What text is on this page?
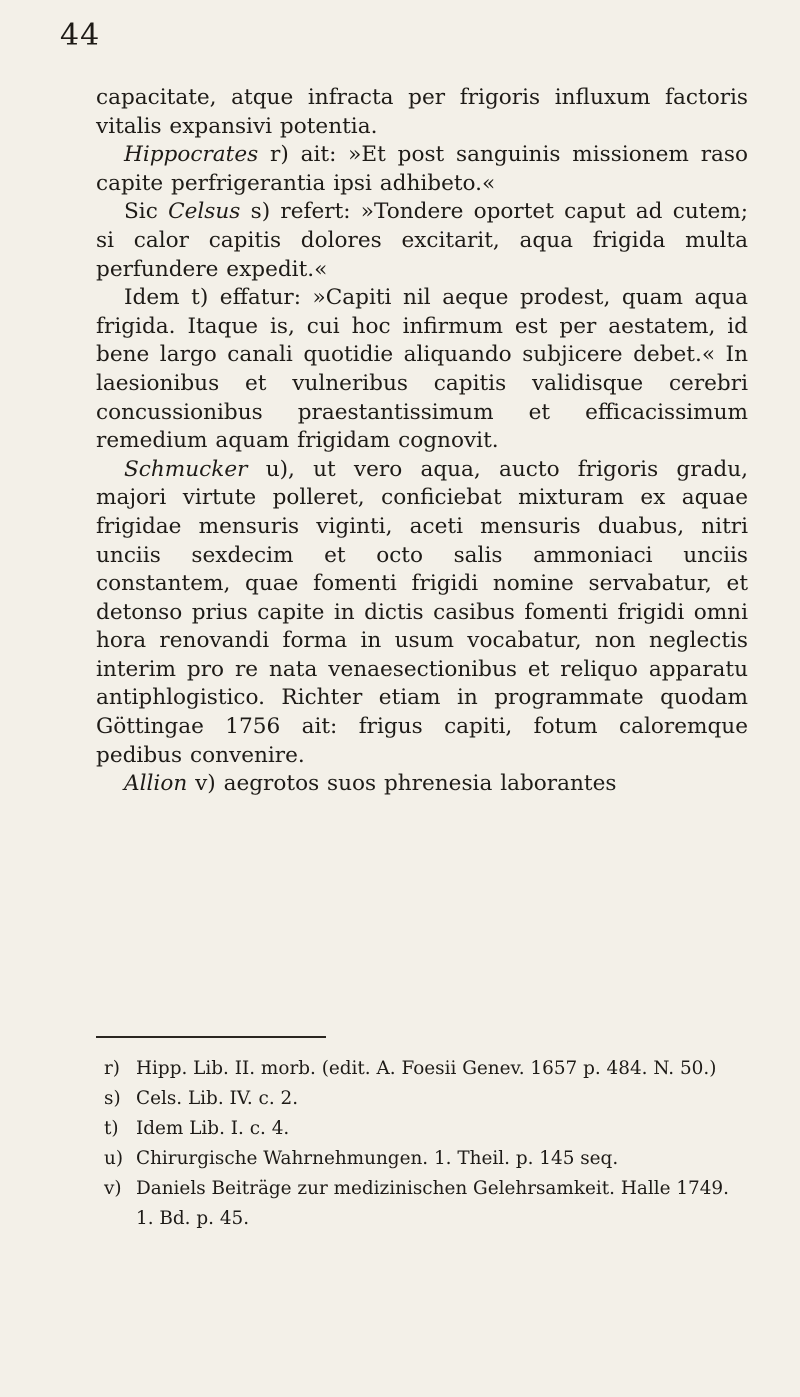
44

capacitate, atque infracta per frigoris influxum factoris vitalis expansivi potentia.

Hippocrates r) ait: »Et post sanguinis missionem raso capite perfrigerantia ipsi adhibeto.«

Sic Celsus s) refert: »Tondere oportet caput ad cutem; si calor capitis dolores excitarit, aqua frigida multa perfundere expedit.«

Idem t) effatur: »Capiti nil aeque prodest, quam aqua frigida. Itaque is, cui hoc infirmum est per aestatem, id bene largo canali quotidie aliquando subjicere debet.« In laesionibus et vulneribus capitis validisque cerebri concussionibus praestantissimum et efficacissimum remedium aquam frigidam cognovit.

Schmucker u), ut vero aqua, aucto frigoris gradu, majori virtute polleret, conficiebat mixturam ex aquae frigidae mensuris viginti, aceti mensuris duabus, nitri unciis sexdecim et octo salis ammoniaci unciis constantem, quae fomenti frigidi nomine servabatur, et detonso prius capite in dictis casibus fomenti frigidi omni hora renovandi forma in usum vocabatur, non neglectis interim pro re nata venaesectionibus et reliquo apparatu antiphlogistico. Richter etiam in programmate quodam Göttingae 1756 ait: frigus capiti, fotum caloremque pedibus convenire.

Allion v) aegrotos suos phrenesia laborantes

r) Hipp. Lib. II. morb. (edit. A. Foesii Genev. 1657 p. 484. N. 50.)

s) Cels. Lib. IV. c. 2.

t) Idem Lib. I. c. 4.

u) Chirurgische Wahrnehmungen. 1. Theil. p. 145 seq.

v) Daniels Beiträge zur medizinischen Gelehrsamkeit. Halle 1749. 1. Bd. p. 45.
